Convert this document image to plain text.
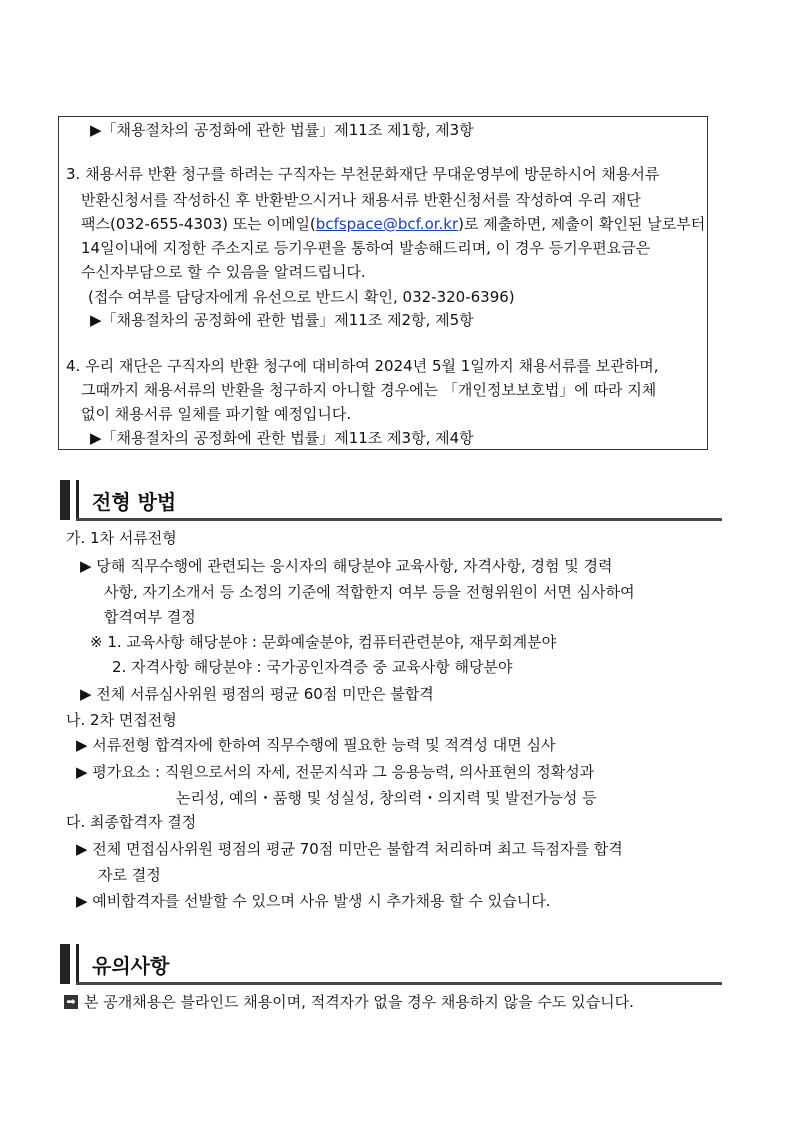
▶「채용절차의 공정화에 관한 법률」제11조 제1항, 제3항
3. 채용서류 반환 청구를 하려는 구직자는 부천문화재단 무대운영부에 방문하시어 채용서류
반환신청서를 작성하신 후 반환받으시거나 채용서류 반환신청서를 작성하여 우리 재단
팩스(032-655-4303) 또는 이메일(bcfspace@bcf.or.kr)로 제출하면, 제출이 확인된 날로부터
14일이내에 지정한 주소지로 등기우편을 통하여 발송해드리며, 이 경우 등기우편요금은
수신자부담으로 할 수 있음을 알려드립니다.
(접수 여부를 담당자에게 유선으로 반드시 확인, 032-320-6396)
▶「채용절차의 공정화에 관한 법률」제11조 제2항, 제5항
4. 우리 재단은 구직자의 반환 청구에 대비하여 2024년 5월 1일까지 채용서류를 보관하며,
그때까지 채용서류의 반환을 청구하지 아니할 경우에는 「개인정보보호법」에 따라 지체
없이 채용서류 일체를 파기할 예정입니다.
▶「채용절차의 공정화에 관한 법률」제11조 제3항, 제4항
전형 방법
가. 1차 서류전형
▶ 당해 직무수행에 관련되는 응시자의 해당분야 교육사항, 자격사항, 경험 및 경력
사항, 자기소개서 등 소정의 기준에 적합한지 여부 등을 전형위원이 서면 심사하여
합격여부 결정
※ 1. 교육사항 해당분야 : 문화예술분야, 컴퓨터관련분야, 재무회계분야
2. 자격사항 해당분야 : 국가공인자격증 중 교육사항 해당분야
▶ 전체 서류심사위원 평점의 평균 60점 미만은 불합격
나. 2차 면접전형
▶ 서류전형 합격자에 한하여 직무수행에 필요한 능력 및 적격성 대면 심사
▶ 평가요소 : 직원으로서의 자세, 전문지식과 그 응용능력, 의사표현의 정확성과
논리성, 예의・품행 및 성실성, 창의력・의지력 및 발전가능성 등
다. 최종합격자 결정
▶ 전체 면접심사위원 평점의 평균 70점 미만은 불합격 처리하며 최고 득점자를 합격
자로 결정
▶ 예비합격자를 선발할 수 있으며 사유 발생 시 추가채용 할 수 있습니다.
유의사항
➡ 본 공개채용은 블라인드 채용이며, 적격자가 없을 경우 채용하지 않을 수도 있습니다.
